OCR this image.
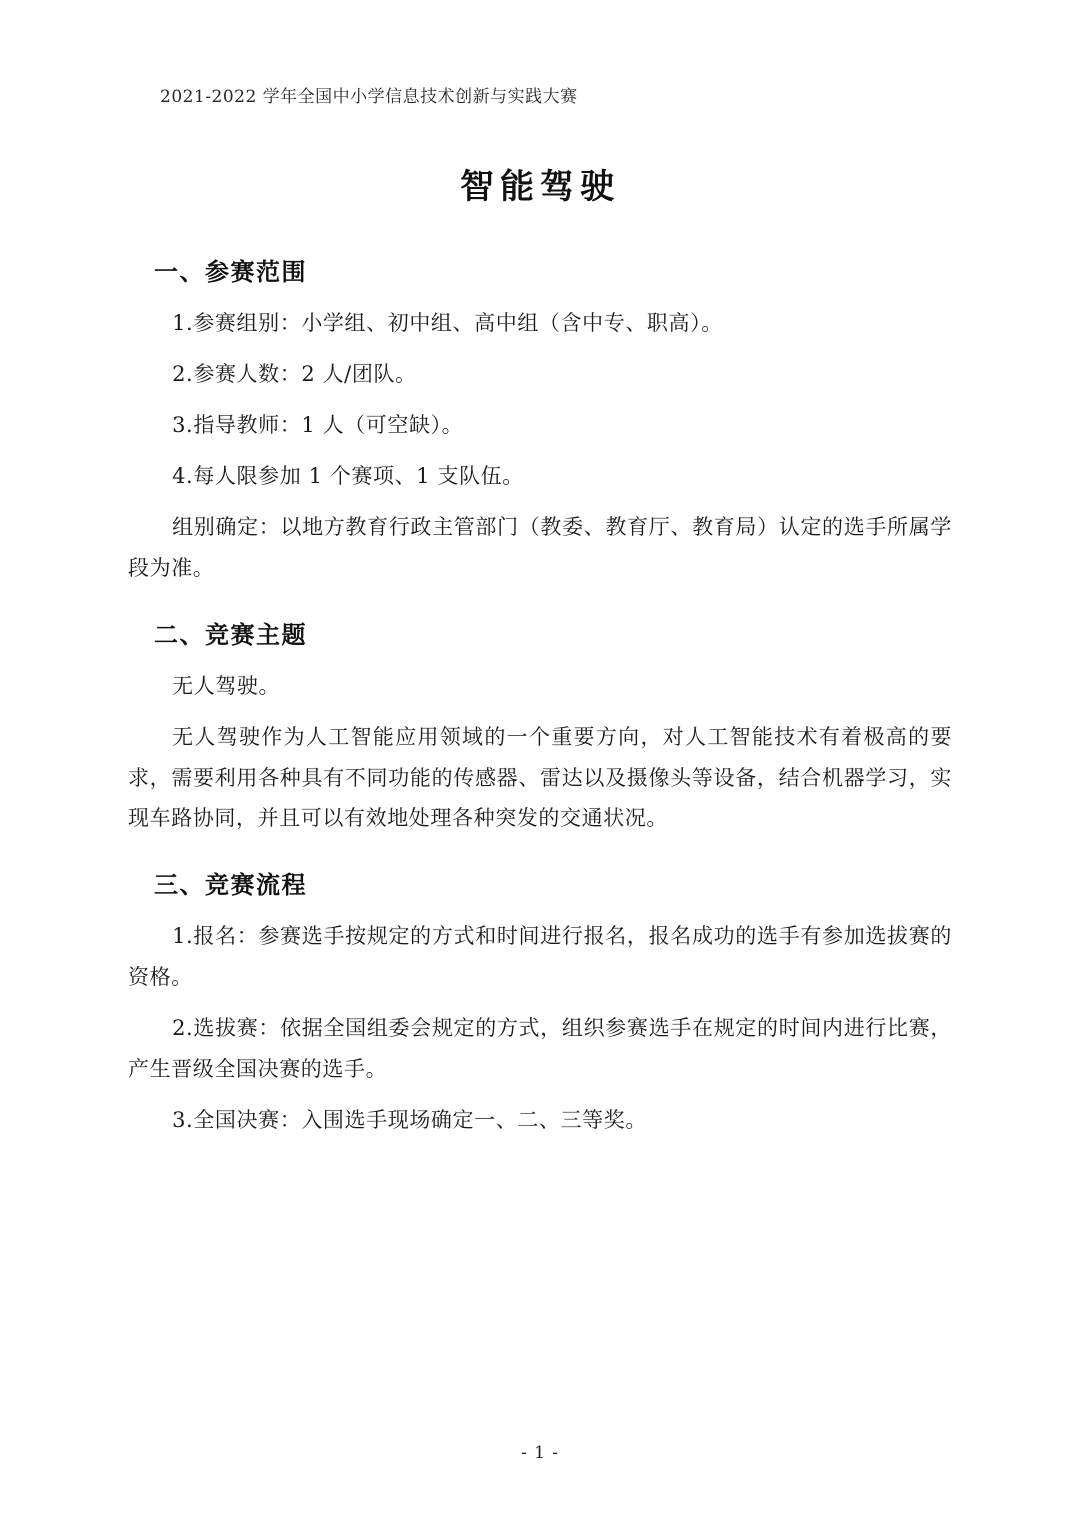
2021-2022 学年全国中小学信息技术创新与实践大赛
智能驾驶
一、参赛范围

1.参赛组别：小学组、初中组、高中组（含中专、职高）。

2.参赛人数：2 人/团队。

3.指导教师：1 人（可空缺）。

4.每人限参加 1 个赛项、1 支队伍。

组别确定：以地方教育行政主管部门（教委、教育厅、教育局）认定的选手所属学段为准。

二、竞赛主题

无人驾驶。

无人驾驶作为人工智能应用领域的一个重要方向，对人工智能技术有着极高的要求，需要利用各种具有不同功能的传感器、雷达以及摄像头等设备，结合机器学习，实现车路协同，并且可以有效地处理各种突发的交通状况。

三、竞赛流程

1.报名：参赛选手按规定的方式和时间进行报名，报名成功的选手有参加选拔赛的资格。

2.选拔赛：依据全国组委会规定的方式，组织参赛选手在规定的时间内进行比赛，产生晋级全国决赛的选手。

3.全国决赛：入围选手现场确定一、二、三等奖。

- 1 -
